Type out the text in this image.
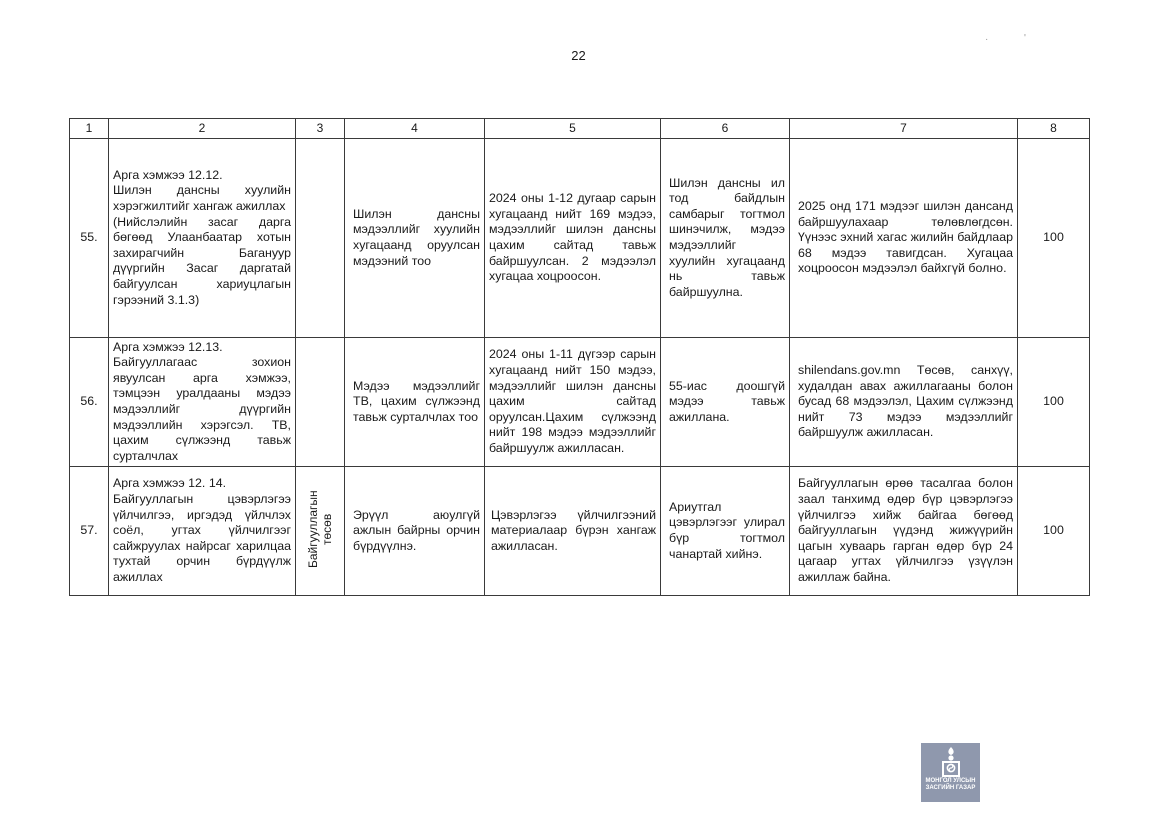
22
·	'
1	2	3	4	5	6	7	8
55.	Арга хэмжээ 12.12.
Шилэн дансны хуулийн хэрэгжилтийг хангаж ажиллах
(Нийслэлийн засаг дарга бөгөөд Улаанбаатар хотын захирагчийн Багануур дүүргийн Засаг даргатай байгуулсан хариуцлагын гэрээний 3.1.3)		Шилэн дансны мэдээллийг хуулийн хугацаанд оруулсан мэдээний тоо	2024 оны 1-12 дугаар сарын хугацаанд нийт 169 мэдээ, мэдээллийг шилэн дансны цахим сайтад тавьж байршуулсан. 2 мэдээлэл хугацаа хоцроосон.	Шилэн дансны ил тод байдлын самбарыг тогтмол шинэчилж, мэдээ мэдээллийг хуулийн хугацаанд нь тавьж байршуулна.	2025 онд 171 мэдээг шилэн дансанд байршуулахаар төлөвлөгдсөн. Үүнээс эхний хагас жилийн байдлаар 68 мэдээ тавигдсан. Хугацаа хоцроосон мэдээлэл байхгүй болно.	100
56.	Арга хэмжээ 12.13.
Байгууллагаас зохион явуулсан арга хэмжээ, тэмцээн уралдааны мэдээ мэдээллийг дүүргийн мэдээллийн хэрэгсэл. ТВ, цахим сүлжээнд тавьж сурталчлах		Мэдээ мэдээллийг ТВ, цахим сүлжээнд тавьж сурталчлах тоо	2024 оны 1-11 дүгээр сарын хугацаанд нийт 150 мэдээ, мэдээллийг шилэн дансны цахим сайтад оруулсан.Цахим сүлжээнд нийт 198 мэдээ мэдээллийг байршуулж ажилласан.	55-иас доошгүй мэдээ тавьж ажиллана.	shilendans.gov.mn Төсөв, санхүү, худалдан авах ажиллагааны болон бусад 68 мэдээлэл, Цахим сүлжээнд нийт 73 мэдээ мэдээллийг байршуулж ажилласан.	100
57.	Арга хэмжээ 12. 14.
Байгууллагын цэвэрлэгээ үйлчилгээ, иргэдэд үйлчлэх соёл, угтах үйлчилгээг сайжруулах найрсаг харилцаа тухтай орчин бүрдүүлж ажиллах	Байгууллагын төсөв	Эрүүл аюулгүй ажлын байрны орчин бүрдүүлнэ.	Цэвэрлэгээ үйлчилгээний материалаар бүрэн хангаж ажилласан.	Ариутгал цэвэрлэгээг улирал бүр тогтмол чанартай хийнэ.	Байгууллагын өрөө тасалгаа болон заал танхимд өдөр бүр цэвэрлэгээ үйлчилгээ хийж байгаа бөгөөд байгууллагын үүдэнд жижүүрийн цагын хуваарь гарган өдөр бүр 24 цагаар угтах үйлчилгээ үзүүлэн ажиллаж байна.	100
МОНГОЛ УЛСЫН
ЗАСГИЙН ГАЗАР
